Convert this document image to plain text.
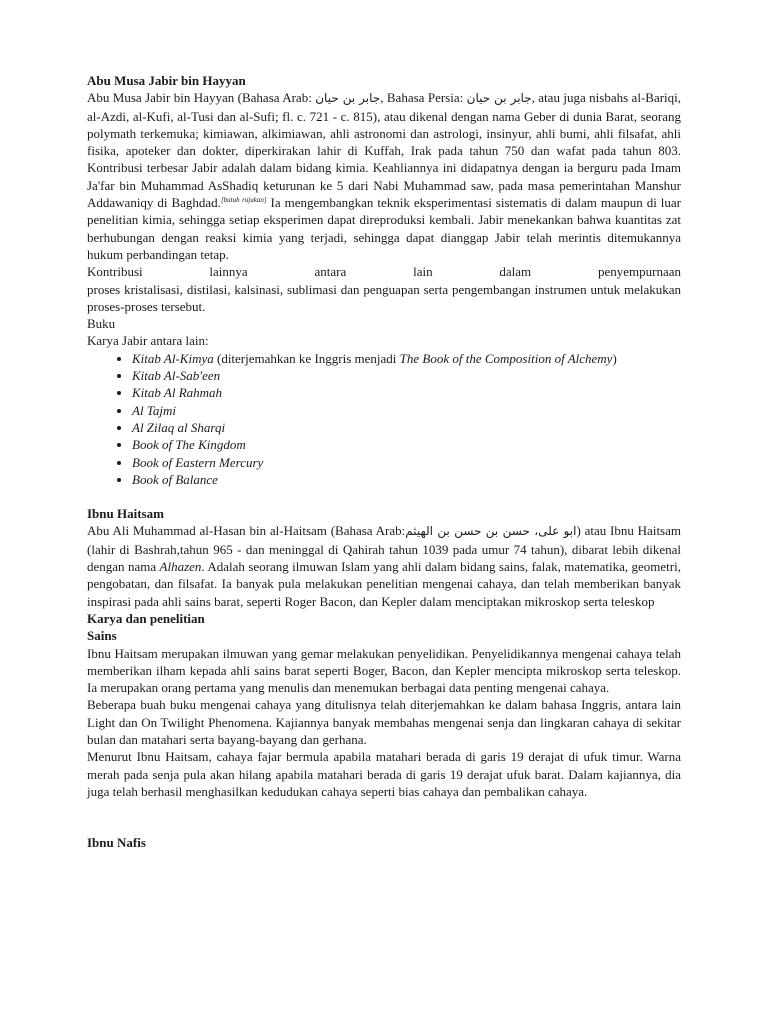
Abu Musa Jabir bin Hayyan

Abu Musa Jabir bin Hayyan (Bahasa Arab: جابر بن حيان, Bahasa Persia: جابر بن حيان, atau juga nisbahs al-Bariqi, al-Azdi, al-Kufi, al-Tusi dan al-Sufi; fl. c. 721 - c. 815), atau dikenal dengan nama Geber di dunia Barat, seorang polymath terkemuka; kimiawan, alkimiawan, ahli astronomi dan astrologi, insinyur, ahli bumi, ahli filsafat, ahli fisika, apoteker dan dokter, diperkirakan lahir di Kuffah, Irak pada tahun 750 dan wafat pada tahun 803. Kontribusi terbesar Jabir adalah dalam bidang kimia. Keahliannya ini didapatnya dengan ia berguru pada Imam Ja'far bin Muhammad AsShadiq keturunan ke 5 dari Nabi Muhammad saw, pada masa pemerintahan Manshur Addawaniqy di Baghdad.[butuh rujukan] Ia mengembangkan teknik eksperimentasi sistematis di dalam maupun di luar penelitian kimia, sehingga setiap eksperimen dapat direproduksi kembali. Jabir menekankan bahwa kuantitas zat berhubungan dengan reaksi kimia yang terjadi, sehingga dapat dianggap Jabir telah merintis ditemukannya hukum perbandingan tetap.

Kontribusi lainnya antara lain dalam penyempurnaan

proses kristalisasi, distilasi, kalsinasi, sublimasi dan penguapan serta pengembangan instrumen untuk melakukan proses-proses tersebut.

Buku

Karya Jabir antara lain:

• Kitab Al-Kimya (diterjemahkan ke Inggris menjadi The Book of the Composition of Alchemy)
• Kitab Al-Sab'een
• Kitab Al Rahmah
• Al Tajmi
• Al Zilaq al Sharqi
• Book of The Kingdom
• Book of Eastern Mercury
• Book of Balance

Ibnu Haitsam

Abu Ali Muhammad al-Hasan bin al-Haitsam (Bahasa Arab:ابو علی، حسن بن حسن بن الهيثم) atau Ibnu Haitsam (lahir di Bashrah,tahun 965 - dan meninggal di Qahirah tahun 1039 pada umur 74 tahun), dibarat lebih dikenal dengan nama Alhazen. Adalah seorang ilmuwan Islam yang ahli dalam bidang sains, falak, matematika, geometri, pengobatan, dan filsafat. Ia banyak pula melakukan penelitian mengenai cahaya, dan telah memberikan banyak inspirasi pada ahli sains barat, seperti Roger Bacon, dan Kepler dalam menciptakan mikroskop serta teleskop

Karya dan penelitian

Sains

Ibnu Haitsam merupakan ilmuwan yang gemar melakukan penyelidikan. Penyelidikannya mengenai cahaya telah memberikan ilham kepada ahli sains barat seperti Boger, Bacon, dan Kepler mencipta mikroskop serta teleskop. Ia merupakan orang pertama yang menulis dan menemukan berbagai data penting mengenai cahaya.

Beberapa buah buku mengenai cahaya yang ditulisnya telah diterjemahkan ke dalam bahasa Inggris, antara lain Light dan On Twilight Phenomena. Kajiannya banyak membahas mengenai senja dan lingkaran cahaya di sekitar bulan dan matahari serta bayang-bayang dan gerhana.

Menurut Ibnu Haitsam, cahaya fajar bermula apabila matahari berada di garis 19 derajat di ufuk timur. Warna merah pada senja pula akan hilang apabila matahari berada di garis 19 derajat ufuk barat. Dalam kajiannya, dia juga telah berhasil menghasilkan kedudukan cahaya seperti bias cahaya dan pembalikan cahaya.

Ibnu Nafis
